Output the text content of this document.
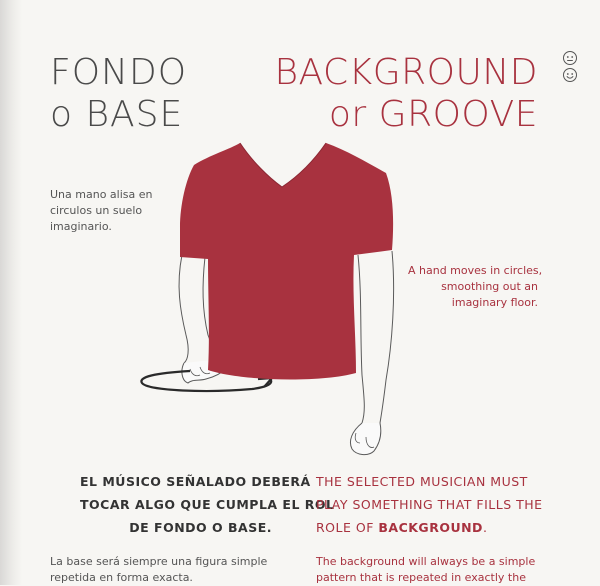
FONDO
o BASE
BACKGROUND
or GROOVE

Una mano alisa en
circulos un suelo
imaginario.

A hand moves in circles,
smoothing out an
imaginary floor.

EL MÚSICO SEÑALADO DEBERÁ
TOCAR ALGO QUE CUMPLA EL ROL
DE FONDO O BASE.
THE SELECTED MUSICIAN MUST
PLAY SOMETHING THAT FILLS THE
ROLE OF BACKGROUND.

La base será siempre una figura simple repetida en forma exacta.

The background will always be a simple pattern that is repeated in exactly the
